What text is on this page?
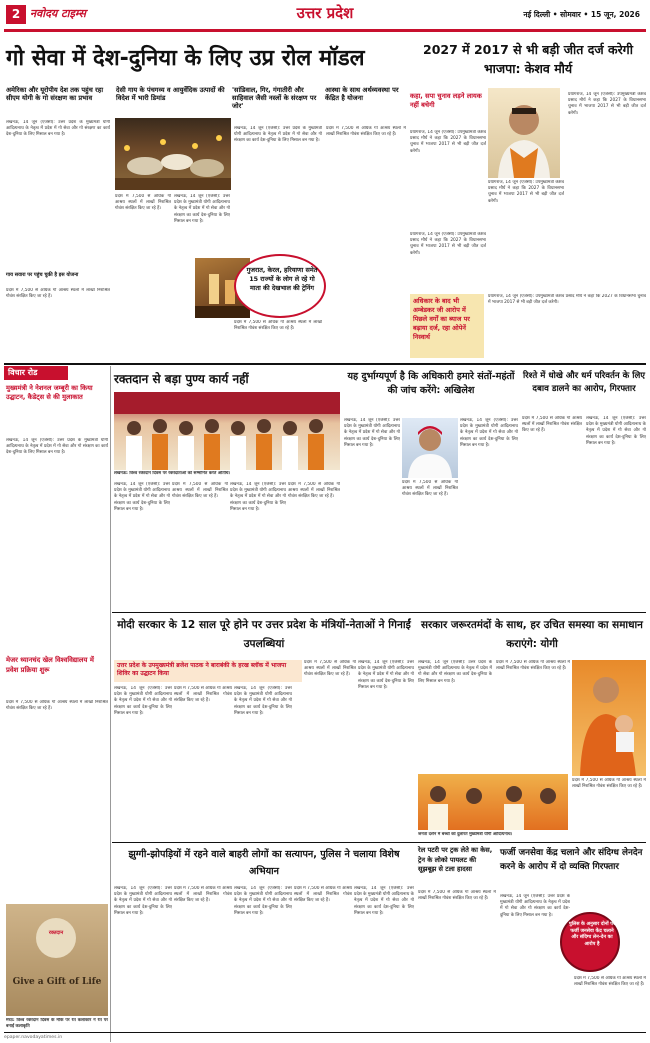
2 नवोदय टाइम्स	उत्तर प्रदेश	नई दिल्ली • सोमवार • 15 जून, 2026
गो सेवा में देश-दुनिया के लिए उप्र रोल मॉडल
अमेरिका और यूरोपीय देश तक पहुंच रहा सीएम योगी के गो संरक्षण का प्रभाव
देसी गाय के पंचगव्य व आयुर्वेदिक उत्पादों की विदेश में भारी डिमांड
'सांडिवाल, गिर, गंगातीरी और साहिवाल जैसी नस्लों के संरक्षण पर जोर'
आस्था के साथ अर्थव्यवस्था पर केंद्रित है योजना
लखनऊ, 14 जून (एजेंसी): उत्तर प्रदेश के मुख्यमंत्री योगी आदित्यनाथ के नेतृत्व में प्रदेश में गो सेवा और गो संरक्षण का कार्य देश-दुनिया के लिए मिसाल बन गया है।
गाय सवारा पर पहुंच चुकी है इस योजना
प्रदेश में 7,500 से अधिक गो आश्रय स्थलों में लाखों निराश्रित गोवंश संरक्षित किए जा रहे हैं।
प्रदेश में 7,500 से अधिक गो आश्रय स्थलों में लाखों निराश्रित गोवंश संरक्षित किए जा रहे हैं।
लखनऊ, 14 जून (एजेंसी): उत्तर प्रदेश के मुख्यमंत्री योगी आदित्यनाथ के नेतृत्व में प्रदेश में गो सेवा और गो संरक्षण का कार्य देश-दुनिया के लिए मिसाल बन गया है।
लखनऊ, 14 जून (एजेंसी): उत्तर प्रदेश के मुख्यमंत्री योगी आदित्यनाथ के नेतृत्व में प्रदेश में गो सेवा और गो संरक्षण का कार्य देश-दुनिया के लिए मिसाल बन गया है।
प्रदेश में 7,500 से अधिक गो आश्रय स्थलों में लाखों निराश्रित गोवंश संरक्षित किए जा रहे हैं।
गुजरात, केरल, हरियाणा समेत 15 राज्यों के लोग ले रहे गो माता की देखभाल की ट्रेनिंग
प्रदेश में 7,500 से अधिक गो आश्रय स्थलों में लाखों निराश्रित गोवंश संरक्षित किए जा रहे हैं।
2027 में 2017 से भी बड़ी जीत दर्ज करेगी भाजपा: केशव मौर्य
कहा, सपा चुनाव लड़ने लायक नहीं बचेगी
प्रयागराज, 14 जून (एजेंसी): उपमुख्यमंत्री केशव प्रसाद मौर्य ने कहा कि 2027 के विधानसभा चुनाव में भाजपा 2017 से भी बड़ी जीत दर्ज करेगी।
प्रयागराज, 14 जून (एजेंसी): उपमुख्यमंत्री केशव प्रसाद मौर्य ने कहा कि 2027 के विधानसभा चुनाव में भाजपा 2017 से भी बड़ी जीत दर्ज करेगी।
प्रयागराज, 14 जून (एजेंसी): उपमुख्यमंत्री केशव प्रसाद मौर्य ने कहा कि 2027 के विधानसभा चुनाव में भाजपा 2017 से भी बड़ी जीत दर्ज करेगी।
प्रयागराज, 14 जून (एजेंसी): उपमुख्यमंत्री केशव प्रसाद मौर्य ने कहा कि 2027 के विधानसभा चुनाव में भाजपा 2017 से भी बड़ी जीत दर्ज करेगी।
अधिकार के बाद भी अम्बेडकर जी आरोप में पिछले वर्गों का ब्याज पर बढ़ाया दर्ज, रहा ओपेनें निस्वार्थ
प्रयागराज, 14 जून (एजेंसी): उपमुख्यमंत्री केशव प्रसाद मौर्य ने कहा कि 2027 के विधानसभा चुनाव में भाजपा 2017 से भी बड़ी जीत दर्ज करेगी।
विचार रोड
मुख्यमंत्री ने नेशनल जम्बूरी का किया उद्घाटन, कैडेट्स से की मुलाकात
लखनऊ, 14 जून (एजेंसी): उत्तर प्रदेश के मुख्यमंत्री योगी आदित्यनाथ के नेतृत्व में प्रदेश में गो सेवा और गो संरक्षण का कार्य देश-दुनिया के लिए मिसाल बन गया है।
मेजर ध्यानचंद खेल विश्वविद्यालय में प्रवेश प्रक्रिया शुरू
प्रदेश में 7,500 से अधिक गो आश्रय स्थलों में लाखों निराश्रित गोवंश संरक्षित किए जा रहे हैं।
रक्तदान
Give a Gift of Life
मेरठ: विश्व रक्तदान दिवस के मौके पर रेत कलाकार ने रेत पर बनाई कलाकृति
रक्तदान से बड़ा पुण्य कार्य नहीं
लखनऊ: विश्व रक्तदान दिवस पर रक्तदाताओं को सम्मानित करते अतिथि।
लखनऊ, 14 जून (एजेंसी): उत्तर प्रदेश के मुख्यमंत्री योगी आदित्यनाथ के नेतृत्व में प्रदेश में गो सेवा और गो संरक्षण का कार्य देश-दुनिया के लिए मिसाल बन गया है।
प्रदेश में 7,500 से अधिक गो आश्रय स्थलों में लाखों निराश्रित गोवंश संरक्षित किए जा रहे हैं।
लखनऊ, 14 जून (एजेंसी): उत्तर प्रदेश के मुख्यमंत्री योगी आदित्यनाथ के नेतृत्व में प्रदेश में गो सेवा और गो संरक्षण का कार्य देश-दुनिया के लिए मिसाल बन गया है।
प्रदेश में 7,500 से अधिक गो आश्रय स्थलों में लाखों निराश्रित गोवंश संरक्षित किए जा रहे हैं।
यह दुर्भाग्यपूर्ण है कि अधिकारी हमारे संतों-महंतों की जांच करेंगे: अखिलेश
लखनऊ, 14 जून (एजेंसी): उत्तर प्रदेश के मुख्यमंत्री योगी आदित्यनाथ के नेतृत्व में प्रदेश में गो सेवा और गो संरक्षण का कार्य देश-दुनिया के लिए मिसाल बन गया है।
प्रदेश में 7,500 से अधिक गो आश्रय स्थलों में लाखों निराश्रित गोवंश संरक्षित किए जा रहे हैं।
लखनऊ, 14 जून (एजेंसी): उत्तर प्रदेश के मुख्यमंत्री योगी आदित्यनाथ के नेतृत्व में प्रदेश में गो सेवा और गो संरक्षण का कार्य देश-दुनिया के लिए मिसाल बन गया है।
रिश्ते में धोखे और धर्म परिवर्तन के लिए दबाव डालने का आरोप, गिरफ्तार
प्रदेश में 7,500 से अधिक गो आश्रय स्थलों में लाखों निराश्रित गोवंश संरक्षित किए जा रहे हैं।
लखनऊ, 14 जून (एजेंसी): उत्तर प्रदेश के मुख्यमंत्री योगी आदित्यनाथ के नेतृत्व में प्रदेश में गो सेवा और गो संरक्षण का कार्य देश-दुनिया के लिए मिसाल बन गया है।
मोदी सरकार के 12 साल पूरे होने पर उत्तर प्रदेश के मंत्रियों-नेताओं ने गिनाईं उपलब्धियां
उत्तर प्रदेश के उपमुख्यमंत्री ब्रजेश पाठक ने बाराबंकी के हरख ब्लॉक में भाजपा शिविर का उद्घाटन किया
लखनऊ, 14 जून (एजेंसी): उत्तर प्रदेश के मुख्यमंत्री योगी आदित्यनाथ के नेतृत्व में प्रदेश में गो सेवा और गो संरक्षण का कार्य देश-दुनिया के लिए मिसाल बन गया है।
प्रदेश में 7,500 से अधिक गो आश्रय स्थलों में लाखों निराश्रित गोवंश संरक्षित किए जा रहे हैं।
लखनऊ, 14 जून (एजेंसी): उत्तर प्रदेश के मुख्यमंत्री योगी आदित्यनाथ के नेतृत्व में प्रदेश में गो सेवा और गो संरक्षण का कार्य देश-दुनिया के लिए मिसाल बन गया है।
प्रदेश में 7,500 से अधिक गो आश्रय स्थलों में लाखों निराश्रित गोवंश संरक्षित किए जा रहे हैं।
लखनऊ, 14 जून (एजेंसी): उत्तर प्रदेश के मुख्यमंत्री योगी आदित्यनाथ के नेतृत्व में प्रदेश में गो सेवा और गो संरक्षण का कार्य देश-दुनिया के लिए मिसाल बन गया है।
सरकार जरूरतमंदों के साथ, हर उचित समस्या का समाधान कराएंगे: योगी
लखनऊ, 14 जून (एजेंसी): उत्तर प्रदेश के मुख्यमंत्री योगी आदित्यनाथ के नेतृत्व में प्रदेश में गो सेवा और गो संरक्षण का कार्य देश-दुनिया के लिए मिसाल बन गया है।
प्रदेश में 7,500 से अधिक गो आश्रय स्थलों में लाखों निराश्रित गोवंश संरक्षित किए जा रहे हैं।
जनता दर्शन में बच्चों को दुलारते मुख्यमंत्री योगी आदित्यनाथ।
प्रदेश में 7,500 से अधिक गो आश्रय स्थलों में लाखों निराश्रित गोवंश संरक्षित किए जा रहे हैं।
झुग्गी-झोपड़ियों में रहने वाले बाहरी लोगों का सत्यापन, पुलिस ने चलाया विशेष अभियान
लखनऊ, 14 जून (एजेंसी): उत्तर प्रदेश के मुख्यमंत्री योगी आदित्यनाथ के नेतृत्व में प्रदेश में गो सेवा और गो संरक्षण का कार्य देश-दुनिया के लिए मिसाल बन गया है।
प्रदेश में 7,500 से अधिक गो आश्रय स्थलों में लाखों निराश्रित गोवंश संरक्षित किए जा रहे हैं।
लखनऊ, 14 जून (एजेंसी): उत्तर प्रदेश के मुख्यमंत्री योगी आदित्यनाथ के नेतृत्व में प्रदेश में गो सेवा और गो संरक्षण का कार्य देश-दुनिया के लिए मिसाल बन गया है।
प्रदेश में 7,500 से अधिक गो आश्रय स्थलों में लाखों निराश्रित गोवंश संरक्षित किए जा रहे हैं।
लखनऊ, 14 जून (एजेंसी): उत्तर प्रदेश के मुख्यमंत्री योगी आदित्यनाथ के नेतृत्व में प्रदेश में गो सेवा और गो संरक्षण का कार्य देश-दुनिया के लिए मिसाल बन गया है।
रेल पटरी पर ट्रक लेते का केस, ट्रेन के लोको पायलट की सूझबूझ से टला हादसा
प्रदेश में 7,500 से अधिक गो आश्रय स्थलों में लाखों निराश्रित गोवंश संरक्षित किए जा रहे हैं।
फर्जी जनसेवा केंद्र चलाने और संदिग्ध लेनदेन करने के आरोप में दो व्यक्ति गिरफ्तार
लखनऊ, 14 जून (एजेंसी): उत्तर प्रदेश के मुख्यमंत्री योगी आदित्यनाथ के नेतृत्व में प्रदेश में गो सेवा और गो संरक्षण का कार्य देश-दुनिया के लिए मिसाल बन गया है।
पुलिस के अनुसार दोनों पर फर्जी जनसेवा केंद्र चलाने और संदिग्ध लेन-देन का आरोप है
प्रदेश में 7,500 से अधिक गो आश्रय स्थलों में लाखों निराश्रित गोवंश संरक्षित किए जा रहे हैं।
epaper.navodayatimes.in
